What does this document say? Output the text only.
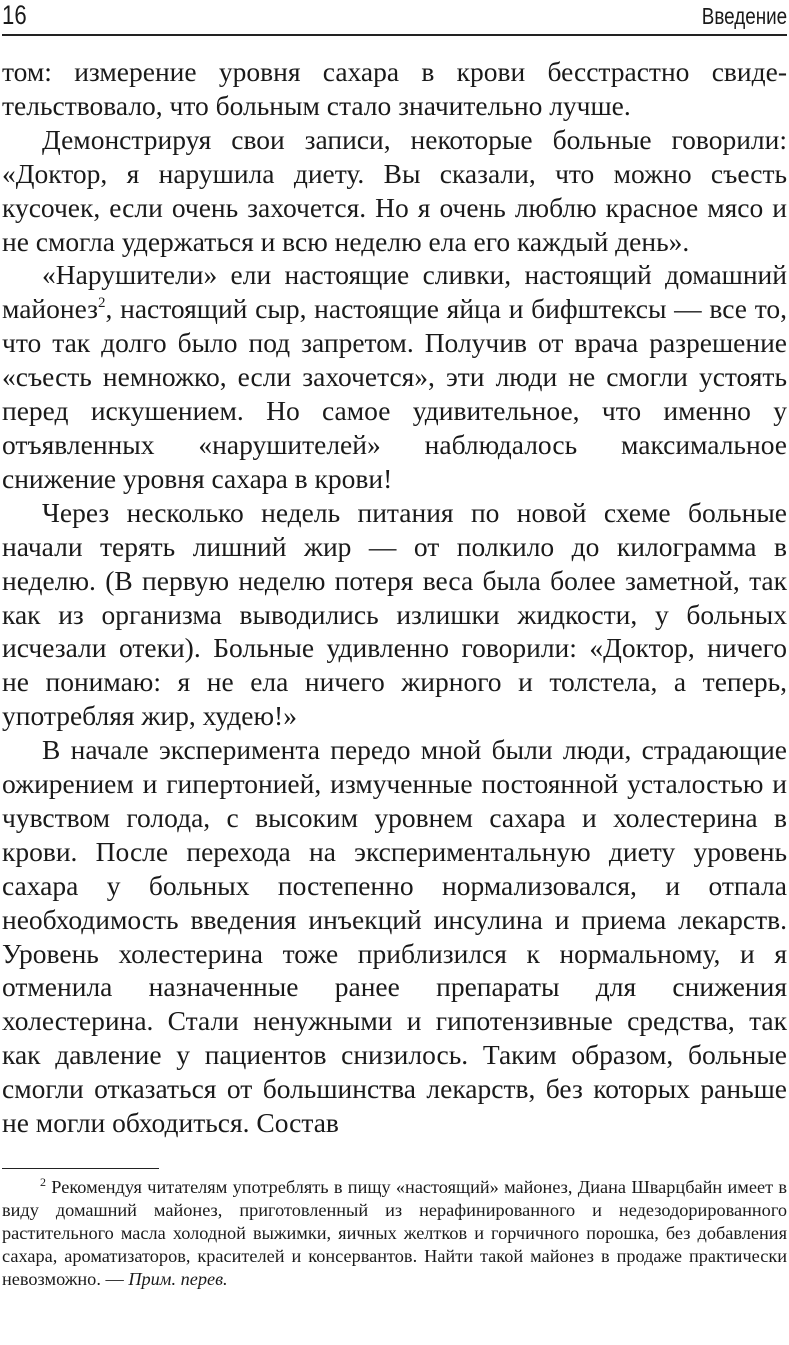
16	Введение

том: измерение уровня сахара в крови бесстрастно свидетельствовало, что больным стало значительно лучше.

Демонстрируя свои записи, некоторые больные говорили: «Доктор, я нарушила диету. Вы сказали, что можно съесть кусочек, если очень захочется. Но я очень люблю красное мясо и не смогла удержаться и всю неделю ела его каждый день».

«Нарушители» ели настоящие сливки, настоящий домашний майонез$^2$, настоящий сыр, настоящие яйца и бифштексы — все то, что так долго было под запретом. Получив от врача разрешение «съесть немножко, если захочется», эти люди не смогли устоять перед искушением. Но самое удивительное, что именно у отъявленных «нарушителей» наблюдалось максимальное снижение уровня сахара в крови!

Через несколько недель питания по новой схеме больные начали терять лишний жир — от полкило до килограмма в неделю. (В первую неделю потеря веса была более заметной, так как из организма выводились излишки жидкости, у больных исчезали отеки). Больные удивленно говорили: «Доктор, ничего не понимаю: я не ела ничего жирного и толстела, а теперь, употребляя жир, худею!»

В начале эксперимента передо мной были люди, страдающие ожирением и гипертонией, измученные постоянной усталостью и чувством голода, с высоким уровнем сахара и холестерина в крови. После перехода на экспериментальную диету уровень сахара у больных постепенно нормализовался, и отпала необходимость введения инъекций инсулина и приема лекарств. Уровень холестерина тоже приблизился к нормальному, и я отменила назначенные ранее препараты для снижения холестерина. Стали ненужными и гипотензивные средства, так как давление у пациентов снизилось. Таким образом, больные смогли отказаться от большинства лекарств, без которых раньше не могли обходиться. Состав

$^2$ Рекомендуя читателям употреблять в пищу «настоящий» майонез, Диана Шварцбайн имеет в виду домашний майонез, приготовленный из нерафинированного и недезодорированного растительного масла холодной выжимки, яичных желтков и горчичного порошка, без добавления сахара, ароматизаторов, красителей и консервантов. Найти такой майонез в продаже практически невозможно. — Прим. перев.
